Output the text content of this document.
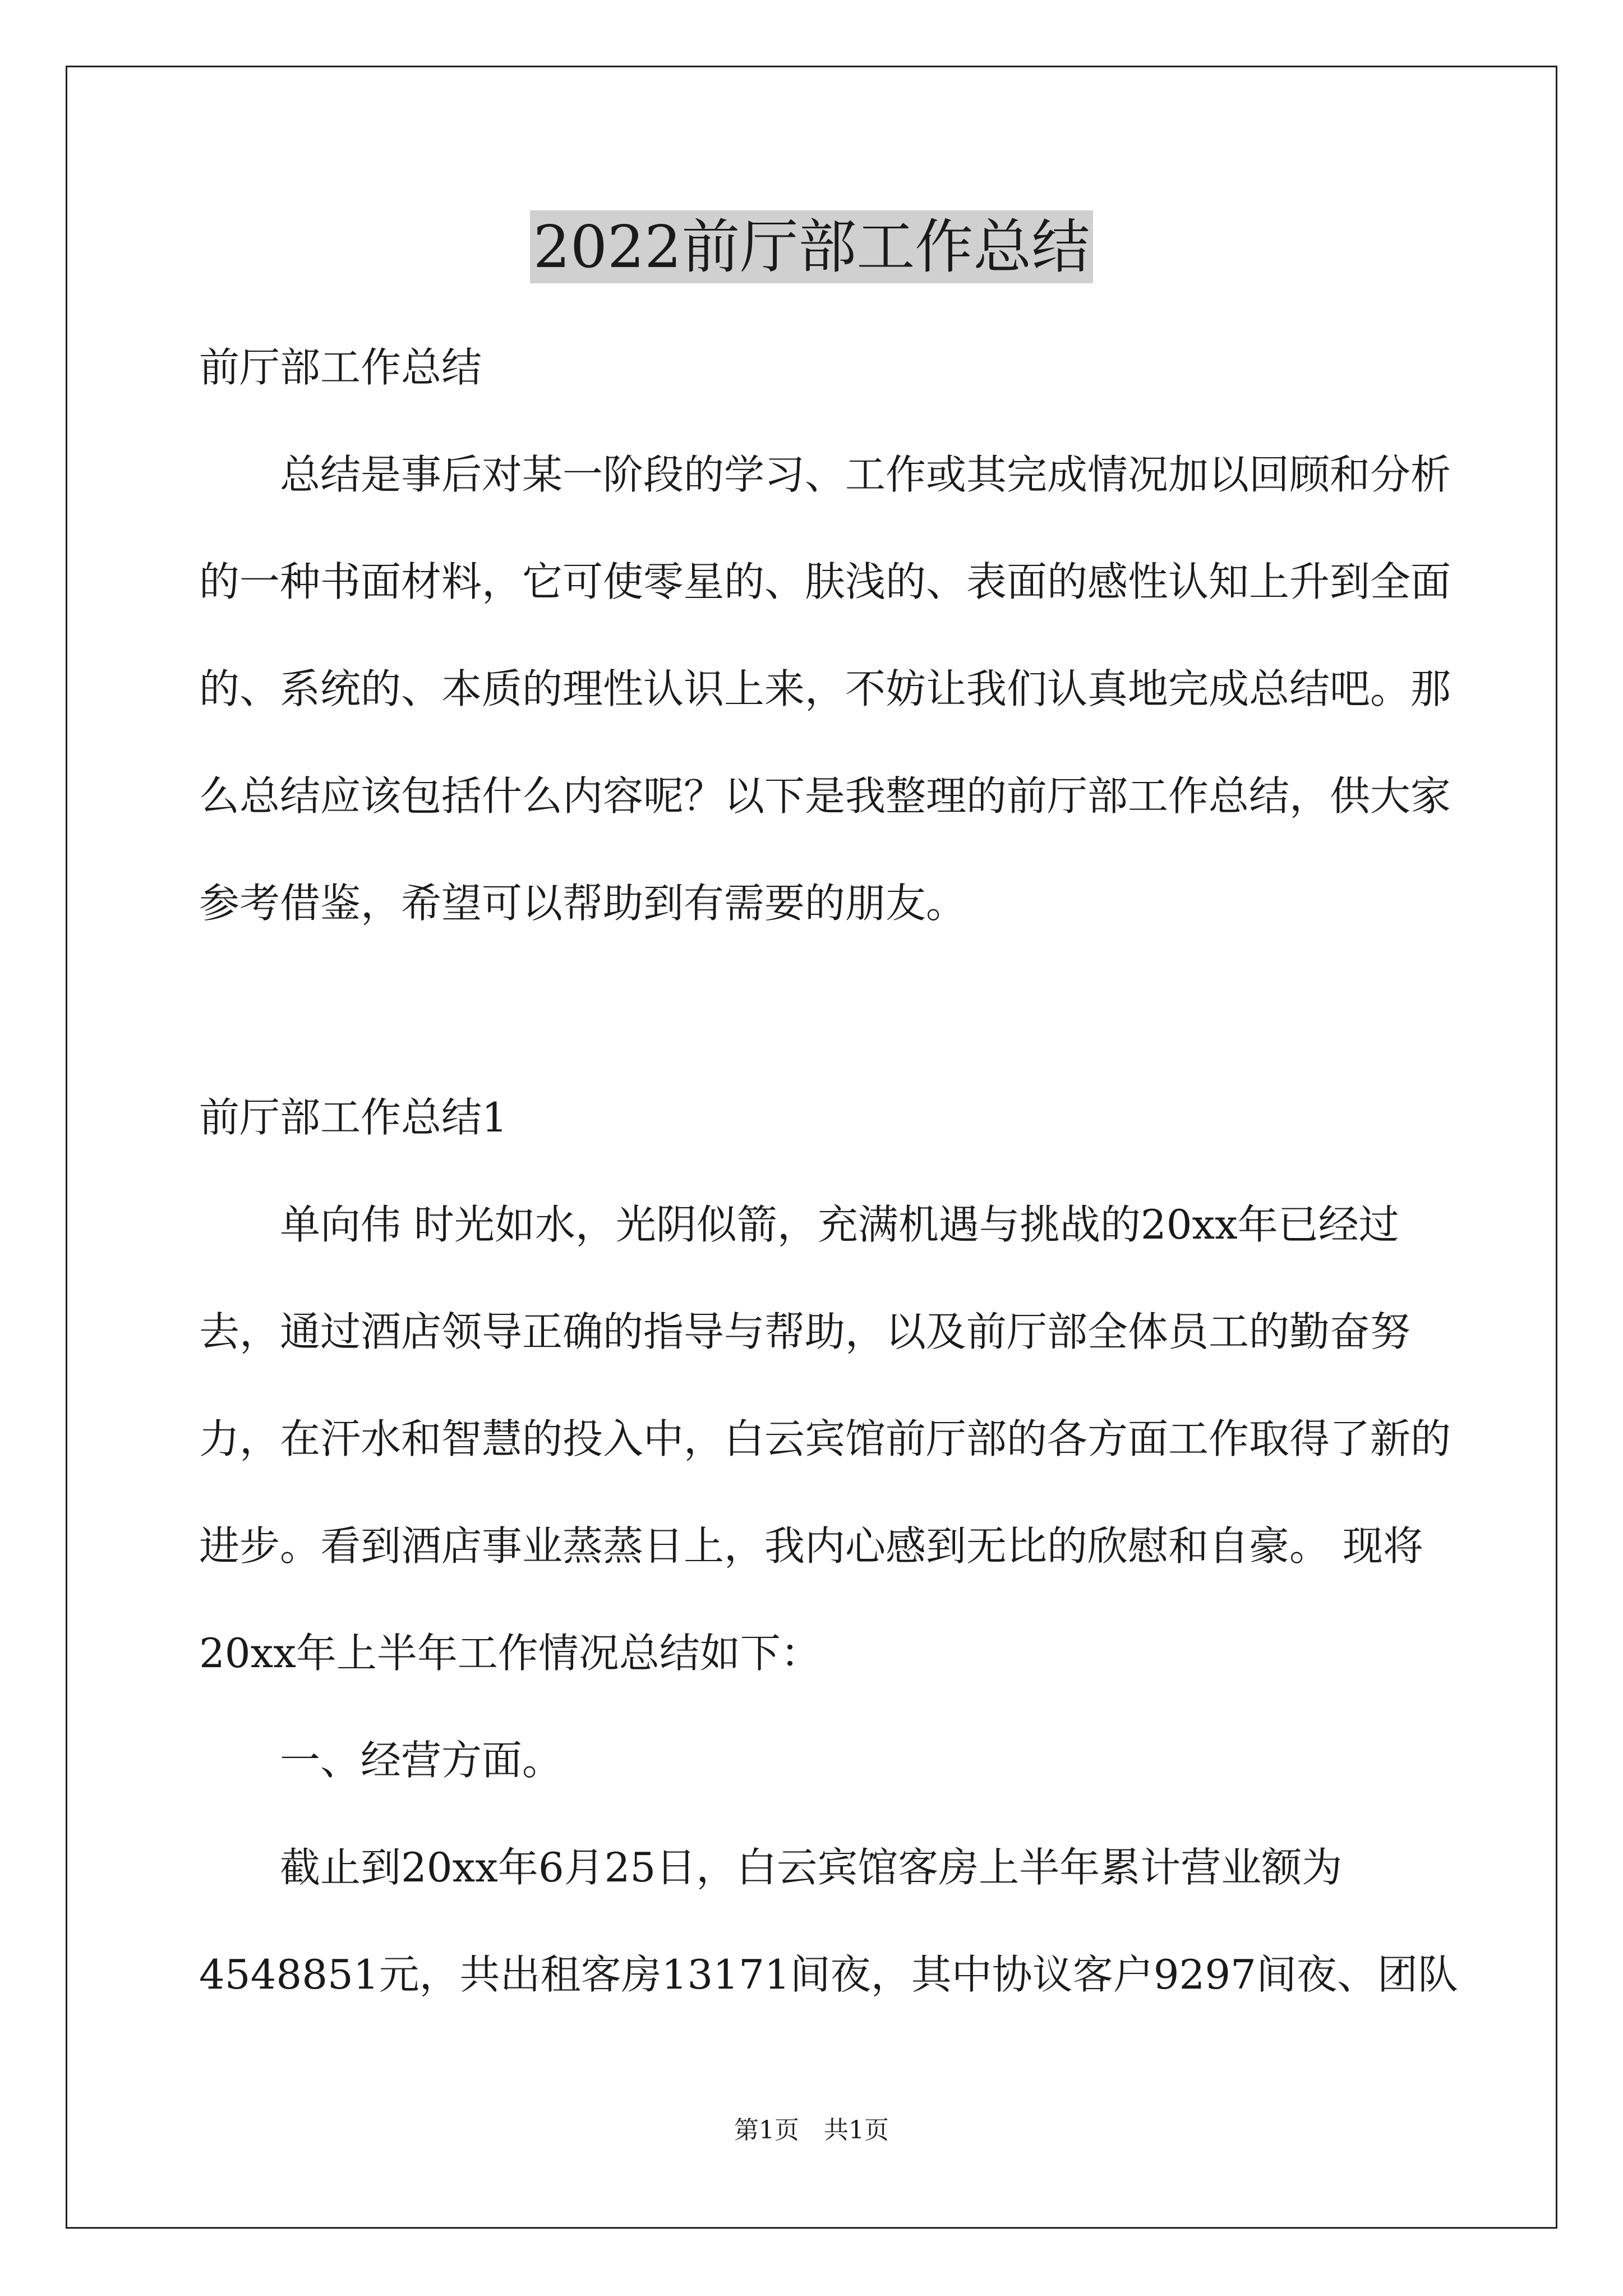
2022前厅部工作总结

前厅部工作总结

总结是事后对某一阶段的学习、工作或其完成情况加以回顾和分析的一种书面材料，它可使零星的、肤浅的、表面的感性认知上升到全面的、系统的、本质的理性认识上来，不妨让我们认真地完成总结吧。那么总结应该包括什么内容呢？以下是我整理的前厅部工作总结，供大家参考借鉴，希望可以帮助到有需要的朋友。

前厅部工作总结1

单向伟 时光如水，光阴似箭，充满机遇与挑战的20xx年已经过去，通过酒店领导正确的指导与帮助，以及前厅部全体员工的勤奋努力，在汗水和智慧的投入中，白云宾馆前厅部的各方面工作取得了新的进步。看到酒店事业蒸蒸日上，我内心感到无比的欣慰和自豪。 现将20xx年上半年工作情况总结如下：

一、经营方面。

截止到20xx年6月25日，白云宾馆客房上半年累计营业额为4548851元，共出租客房13171间夜，其中协议客户9297间夜、团队

第1页　共1页
